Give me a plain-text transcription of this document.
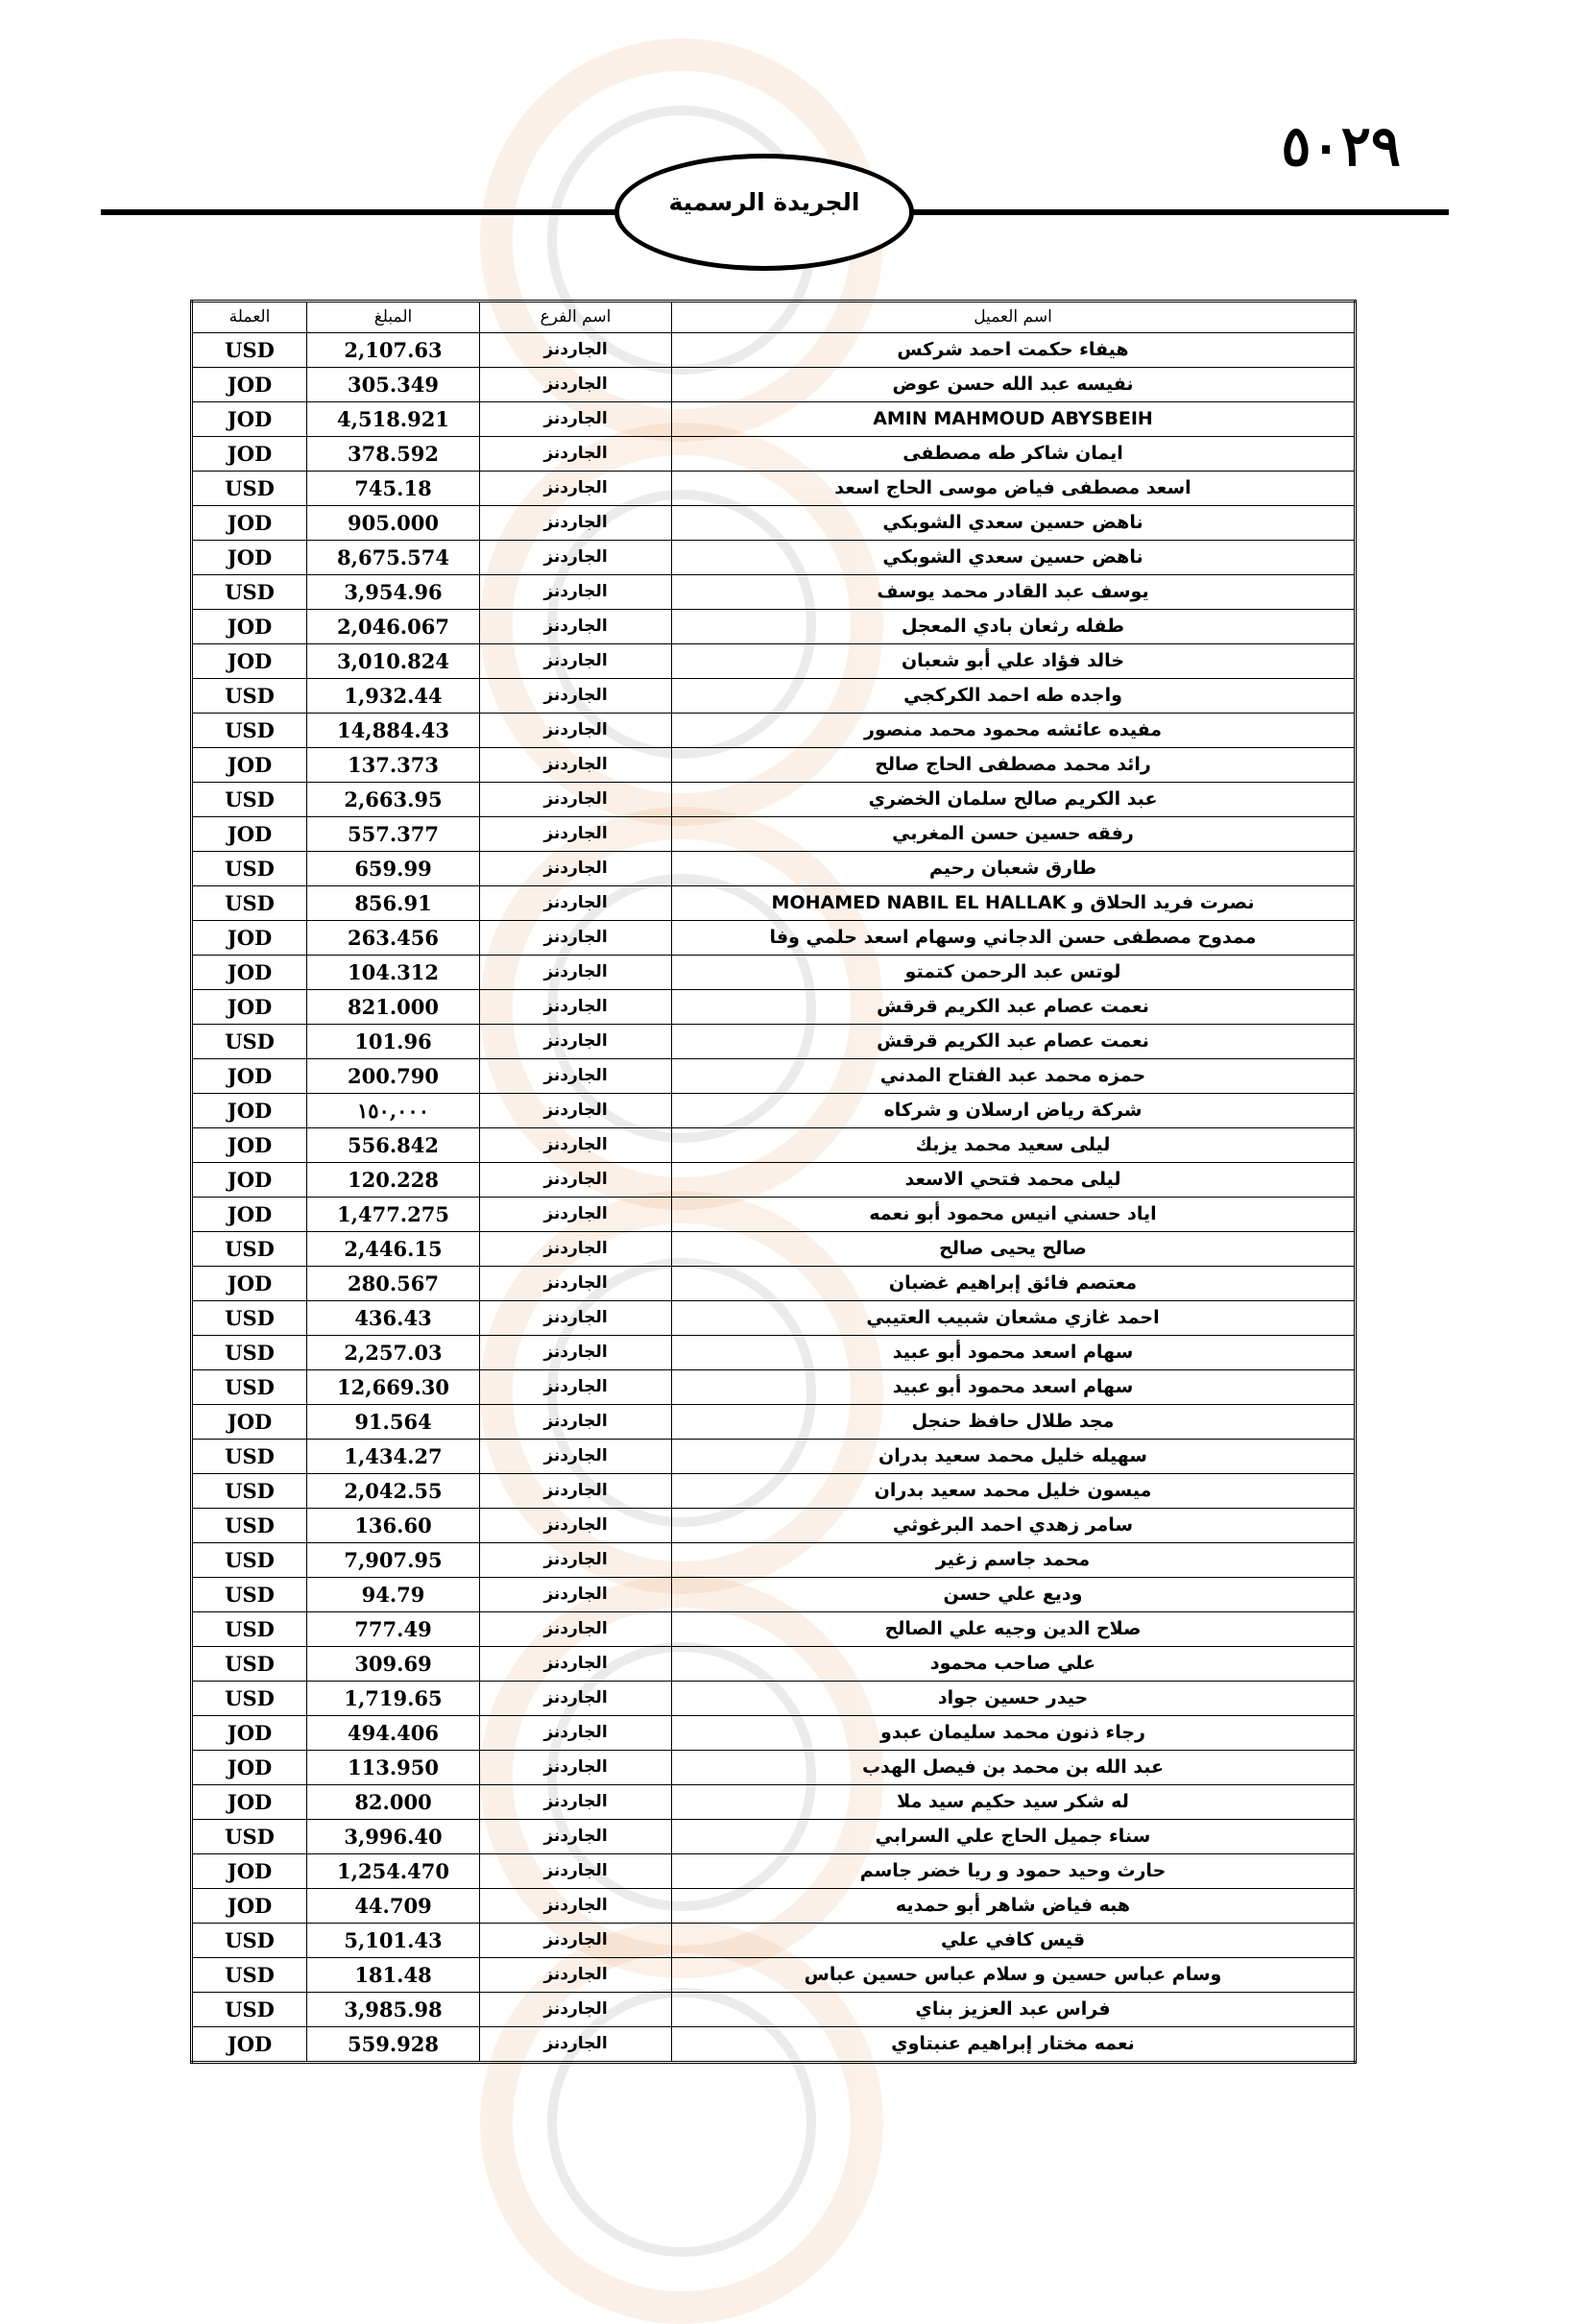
٥٠٢٩
الجريدة الرسمية
اسم العميل	اسم الفرع	المبلغ	العملة
هيفاء حكمت احمد شركس	الجاردنز	2,107.63	USD
نفيسه عبد الله حسن عوض	الجاردنز	305.349	JOD
AMIN MAHMOUD ABYSBEIH	الجاردنز	4,518.921	JOD
ايمان شاكر طه مصطفى	الجاردنز	378.592	JOD
اسعد مصطفى فياض موسى الحاج اسعد	الجاردنز	745.18	USD
ناهض حسين سعدي الشوبكي	الجاردنز	905.000	JOD
ناهض حسين سعدي الشوبكي	الجاردنز	8,675.574	JOD
يوسف عبد القادر محمد يوسف	الجاردنز	3,954.96	USD
طفله رثعان بادي المعجل	الجاردنز	2,046.067	JOD
خالد فؤاد علي أبو شعبان	الجاردنز	3,010.824	JOD
واجده طه احمد الكركجي	الجاردنز	1,932.44	USD
مفيده عائشه محمود محمد منصور	الجاردنز	14,884.43	USD
رائد محمد مصطفى الحاج صالح	الجاردنز	137.373	JOD
عبد الكريم صالح سلمان الخضري	الجاردنز	2,663.95	USD
رفقه حسين حسن المغربي	الجاردنز	557.377	JOD
طارق شعبان رحيم	الجاردنز	659.99	USD
نصرت فريد الحلاق و MOHAMED NABIL EL HALLAK	الجاردنز	856.91	USD
ممدوح مصطفى حسن الدجاني وسهام اسعد حلمي وفا	الجاردنز	263.456	JOD
لوتس عبد الرحمن كتمتو	الجاردنز	104.312	JOD
نعمت عصام عبد الكريم قرقش	الجاردنز	821.000	JOD
نعمت عصام عبد الكريم قرقش	الجاردنز	101.96	USD
حمزه محمد عبد الفتاح المدني	الجاردنز	200.790	JOD
شركة رياض ارسلان و شركاه	الجاردنز	١٥٠,٠٠٠	JOD
ليلى سعيد محمد يزبك	الجاردنز	556.842	JOD
ليلى محمد فتحي الاسعد	الجاردنز	120.228	JOD
اياد حسني انيس محمود أبو نعمه	الجاردنز	1,477.275	JOD
صالح يحيى صالح	الجاردنز	2,446.15	USD
معتصم فائق إبراهيم غضبان	الجاردنز	280.567	JOD
احمد غازي مشعان شبيب العتيبي	الجاردنز	436.43	USD
سهام اسعد محمود أبو عبيد	الجاردنز	2,257.03	USD
سهام اسعد محمود أبو عبيد	الجاردنز	12,669.30	USD
مجد طلال حافظ حنجل	الجاردنز	91.564	JOD
سهيله خليل محمد سعيد بدران	الجاردنز	1,434.27	USD
ميسون خليل محمد سعيد بدران	الجاردنز	2,042.55	USD
سامر زهدي احمد البرغوثي	الجاردنز	136.60	USD
محمد جاسم زغير	الجاردنز	7,907.95	USD
وديع علي حسن	الجاردنز	94.79	USD
صلاح الدين وجيه علي الصالح	الجاردنز	777.49	USD
علي صاحب محمود	الجاردنز	309.69	USD
حيدر حسين جواد	الجاردنز	1,719.65	USD
رجاء ذنون محمد سليمان عبدو	الجاردنز	494.406	JOD
عبد الله بن محمد بن فيصل الهدب	الجاردنز	113.950	JOD
له شكر سيد حكيم سيد ملا	الجاردنز	82.000	JOD
سناء جميل الحاج علي السرابي	الجاردنز	3,996.40	USD
حارث وحيد حمود و ريا خضر جاسم	الجاردنز	1,254.470	JOD
هبه فياض شاهر أبو حمديه	الجاردنز	44.709	JOD
قيس كافي علي	الجاردنز	5,101.43	USD
وسام عباس حسين و سلام عباس حسين عباس	الجاردنز	181.48	USD
فراس عبد العزيز بناي	الجاردنز	3,985.98	USD
نعمه مختار إبراهيم عنبتاوي	الجاردنز	559.928	JOD
